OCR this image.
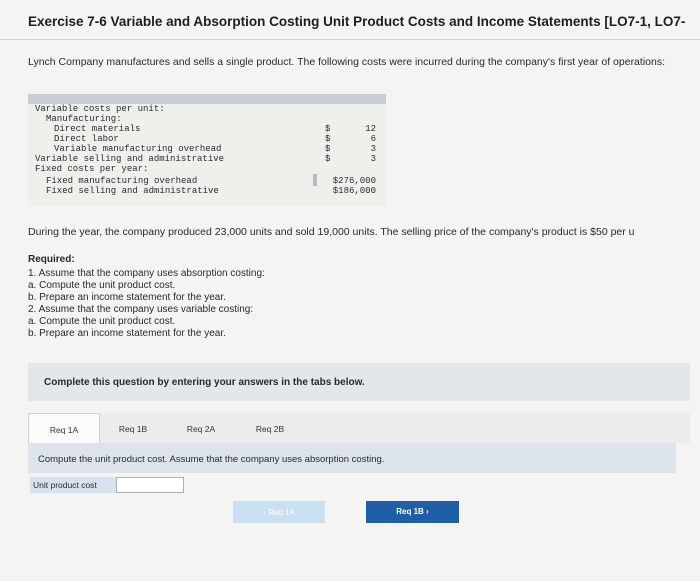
Exercise 7-6 Variable and Absorption Costing Unit Product Costs and Income Statements [LO7-1, LO7-
Lynch Company manufactures and sells a single product. The following costs were incurred during the company's first year of operations:
Variable costs per unit:
Manufacturing:
Direct materials	$	12
Direct labor	$	6
Variable manufacturing overhead	$	3
Variable selling and administrative	$	3
Fixed costs per year:
Fixed manufacturing overhead	$276,000
Fixed selling and administrative	$186,000
During the year, the company produced 23,000 units and sold 19,000 units. The selling price of the company's product is $50 per u
Required:
1. Assume that the company uses absorption costing:
a. Compute the unit product cost.
b. Prepare an income statement for the year.
2. Assume that the company uses variable costing:
a. Compute the unit product cost.
b. Prepare an income statement for the year.
Complete this question by entering your answers in the tabs below.
Req 1A	Req 1B	Req 2A	Req 2B
Compute the unit product cost. Assume that the company uses absorption costing.
Unit product cost
‹ Req 1A	Req 1B ›
